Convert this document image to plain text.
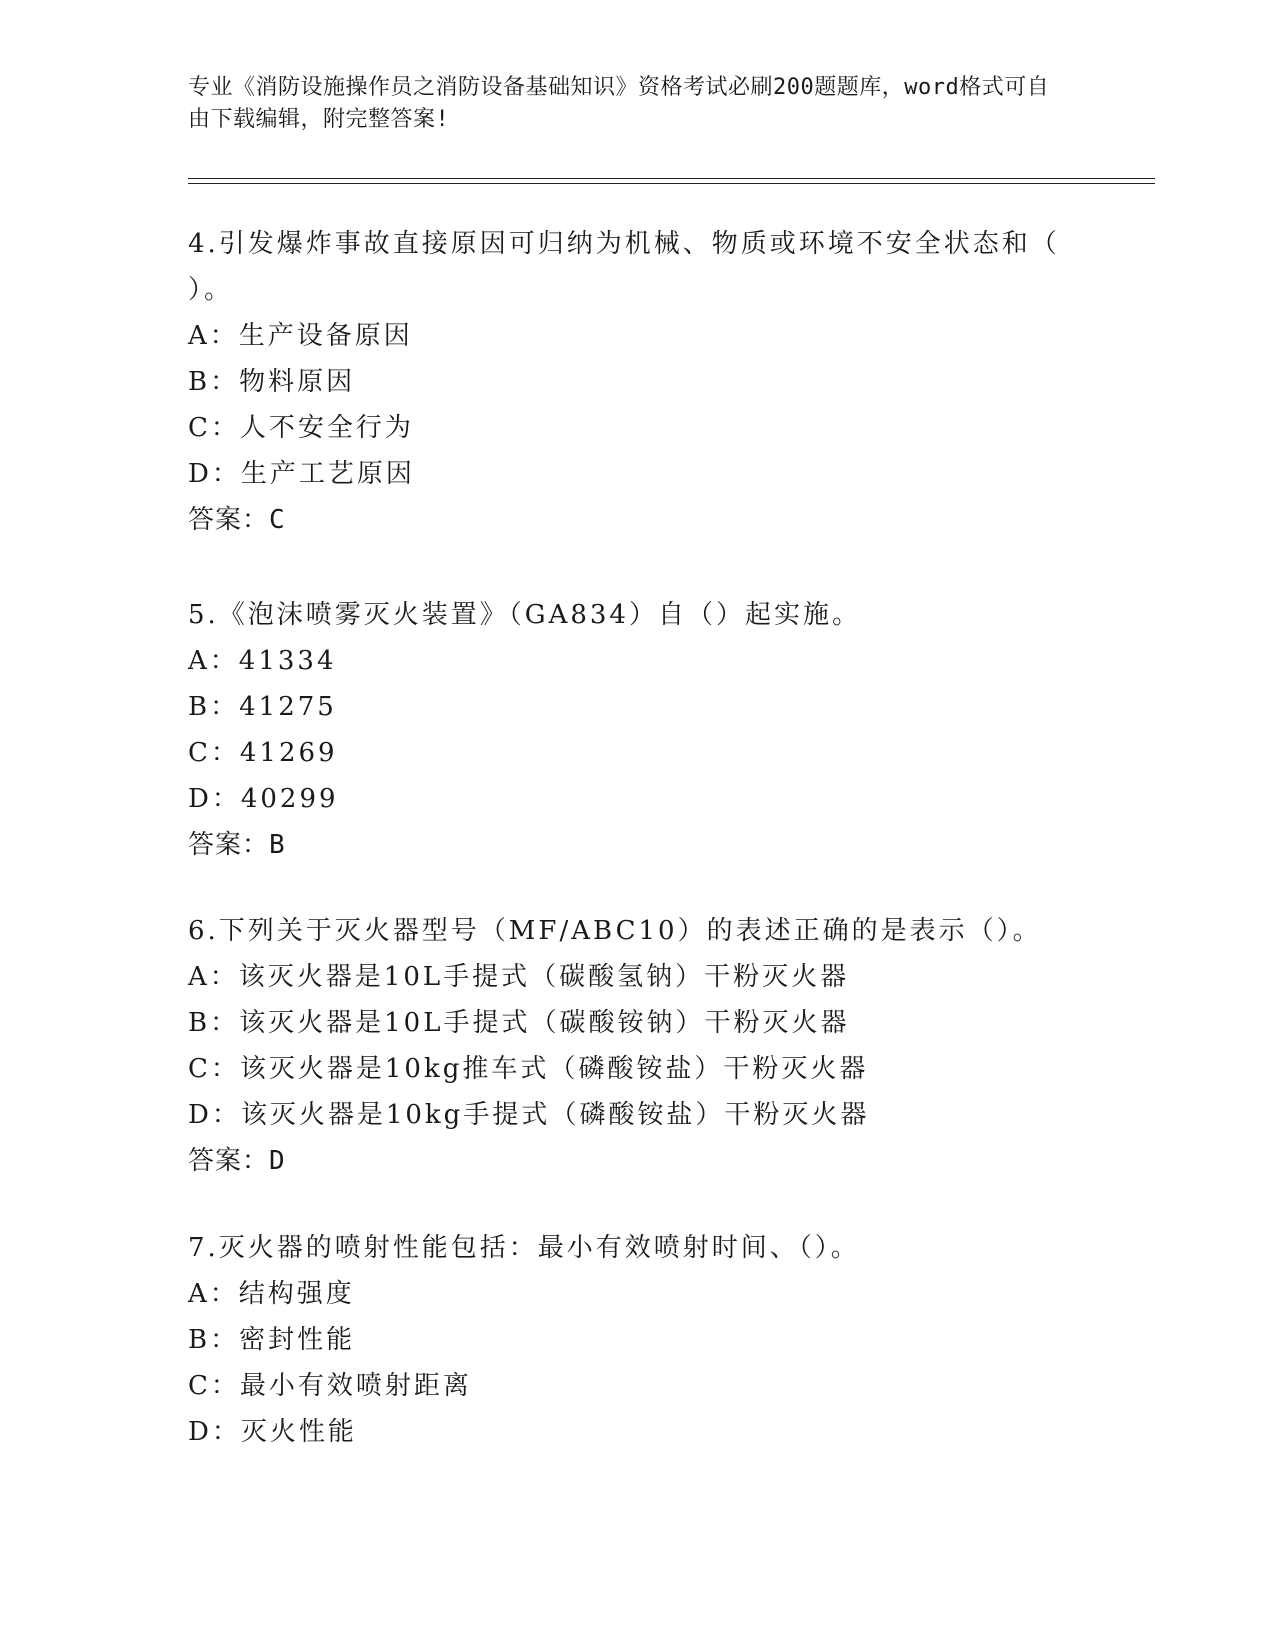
专业《消防设施操作员之消防设备基础知识》资格考试必刷200题题库，word格式可自由下载编辑，附完整答案!
4.引发爆炸事故直接原因可归纳为机械、物质或环境不安全状态和（ ）。
A：生产设备原因
B：物料原因
C：人不安全行为
D：生产工艺原因
答案：C
5.《泡沫喷雾灭火装置》（GA834）自（）起实施。
A：41334
B：41275
C：41269
D：40299
答案：B
6.下列关于灭火器型号（MF/ABC10）的表述正确的是表示（）。
A：该灭火器是10L手提式（碳酸氢钠）干粉灭火器
B：该灭火器是10L手提式（碳酸铵钠）干粉灭火器
C：该灭火器是10kg推车式（磷酸铵盐）干粉灭火器
D：该灭火器是10kg手提式（磷酸铵盐）干粉灭火器
答案：D
7.灭火器的喷射性能包括：最小有效喷射时间、（）。
A：结构强度
B：密封性能
C：最小有效喷射距离
D：灭火性能
